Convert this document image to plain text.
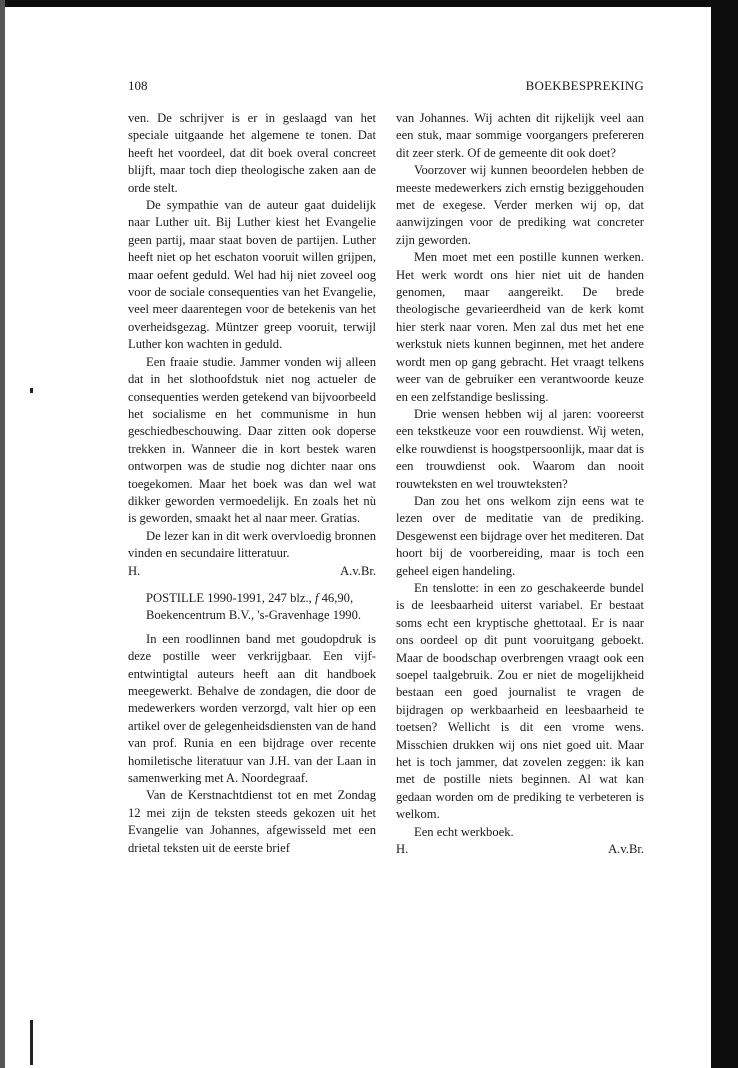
108	BOEKBESPREKING

ven. De schrijver is er in geslaagd van het speciale uitgaande het algemene te tonen. Dat heeft het voordeel, dat dit boek overal concreet blijft, maar toch diep theologische zaken aan de orde stelt.

De sympathie van de auteur gaat duidelijk naar Luther uit. Bij Luther kiest het Evangelie geen partij, maar staat boven de partijen. Luther heeft niet op het eschaton vooruit willen grijpen, maar oefent geduld. Wel had hij niet zoveel oog voor de sociale consequenties van het Evangelie, veel meer daarentegen voor de betekenis van het overheidsgezag. Müntzer greep vooruit, terwijl Luther kon wachten in geduld.

Een fraaie studie. Jammer vonden wij alleen dat in het slothoofdstuk niet nog actueler de consequenties werden getekend van bijvoorbeeld het socialisme en het communisme in hun geschiedbeschouwing. Daar zitten ook doperse trekken in. Wanneer die in kort bestek waren ontworpen was de studie nog dichter naar ons toegekomen. Maar het boek was dan wel wat dikker geworden vermoedelijk. En zoals het nù is geworden, smaakt het al naar meer. Gratias.

De lezer kan in dit werk overvloedig bronnen vinden en secundaire litteratuur.

H.	A.v.Br.

POSTILLE 1990-1991, 247 blz., f 46,90, Boekencentrum B.V., 's-Gravenhage 1990.

In een roodlinnen band met goudopdruk is deze postille weer verkrijgbaar. Een vijfentwintigtal auteurs heeft aan dit handboek meegewerkt. Behalve de zondagen, die door de medewerkers worden verzorgd, valt hier op een artikel over de gelegenheidsdiensten van de hand van prof. Runia en een bijdrage over recente homiletische literatuur van J.H. van der Laan in samenwerking met A. Noordegraaf.

Van de Kerstnachtdienst tot en met Zondag 12 mei zijn de teksten steeds gekozen uit het Evangelie van Johannes, afgewisseld met een drietal teksten uit de eerste brief

van Johannes. Wij achten dit rijkelijk veel aan een stuk, maar sommige voorgangers prefereren dit zeer sterk. Of de gemeente dit ook doet?

Voorzover wij kunnen beoordelen hebben de meeste medewerkers zich ernstig beziggehouden met de exegese. Verder merken wij op, dat aanwijzingen voor de prediking wat concreter zijn geworden.

Men moet met een postille kunnen werken. Het werk wordt ons hier niet uit de handen genomen, maar aangereikt. De brede theologische gevarieerdheid van de kerk komt hier sterk naar voren. Men zal dus met het ene werkstuk niets kunnen beginnen, met het andere wordt men op gang gebracht. Het vraagt telkens weer van de gebruiker een verantwoorde keuze en een zelfstandige beslissing.

Drie wensen hebben wij al jaren: vooreerst een tekstkeuze voor een rouwdienst. Wij weten, elke rouwdienst is hoogstpersoonlijk, maar dat is een trouwdienst ook. Waarom dan nooit rouwteksten en wel trouwteksten?

Dan zou het ons welkom zijn eens wat te lezen over de meditatie van de prediking. Desgewenst een bijdrage over het mediteren. Dat hoort bij de voorbereiding, maar is toch een geheel eigen handeling.

En tenslotte: in een zo geschakeerde bundel is de leesbaarheid uiterst variabel. Er bestaat soms echt een kryptische ghettotaal. Er is naar ons oordeel op dit punt vooruitgang geboekt. Maar de boodschap overbrengen vraagt ook een soepel taalgebruik. Zou er niet de mogelijkheid bestaan een goed journalist te vragen de bijdragen op werkbaarheid en leesbaarheid te toetsen? Wellicht is dit een vrome wens. Misschien drukken wij ons niet goed uit. Maar het is toch jammer, dat zovelen zeggen: ik kan met de postille niets beginnen. Al wat kan gedaan worden om de prediking te verbeteren is welkom.

Een echt werkboek.

H.	A.v.Br.
